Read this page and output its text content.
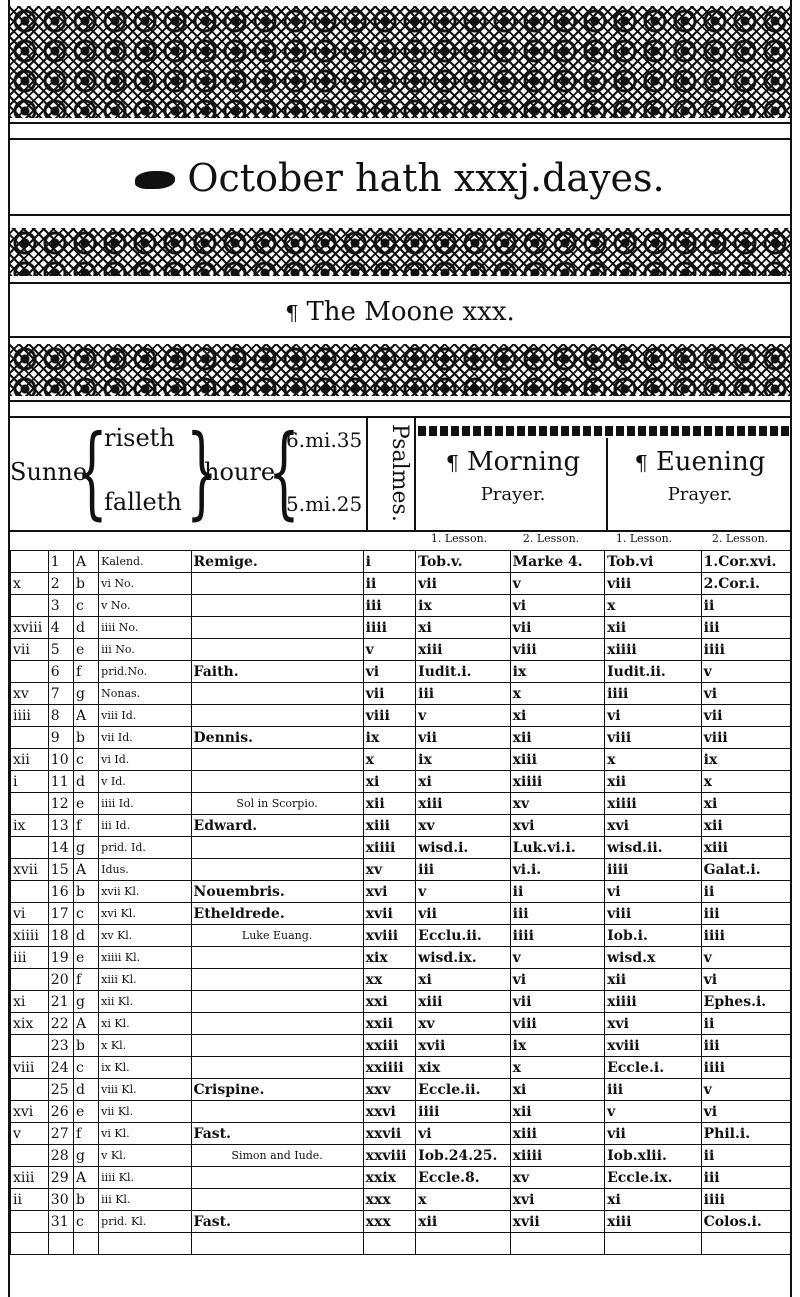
October hath xxxj.dayes.
¶ The Moone xxx.
Sunne
{
riseth
falleth }
houre
{
6.mi.35
5.mi.25	Psalmes.	¶ Morning
Prayer.
¶ Euening
Prayer.
1. Lesson.	2. Lesson.	1. Lesson.	2. Lesson.
	1	A	Kalend.	Remige.	i	Tob.v.	Marke 4.	Tob.vi	1.Cor.xvi.
x	2	b	vi No.		ii	vii	v	viii	2.Cor.i.
	3	c	v No.		iii	ix	vi	x	ii
xviii	4	d	iiii No.		iiii	xi	vii	xii	iii
vii	5	e	iii No.		v	xiii	viii	xiiii	iiii
	6	f	prid.No.	Faith.	vi	Iudit.i.	ix	Iudit.ii.	v
xv	7	g	Nonas.		vii	iii	x	iiii	vi
iiii	8	A	viii Id.		viii	v	xi	vi	vii
	9	b	vii Id.	Dennis.	ix	vii	xii	viii	viii
xii	10	c	vi Id.		x	ix	xiii	x	ix
i	11	d	v Id.		xi	xi	xiiii	xii	x
	12	e	iiii Id.	Sol in Scorpio.	xii	xiii	xv	xiiii	xi
ix	13	f	iii Id.	Edward.	xiii	xv	xvi	xvi	xii
	14	g	prid. Id.		xiiii	wisd.i.	Luk.vi.i.	wisd.ii.	xiii
xvii	15	A	Idus.		xv	iii	vi.i.	iiii	Galat.i.
	16	b	xvii Kl.	Nouembris.	xvi	v	ii	vi	ii
vi	17	c	xvi Kl.	Etheldrede.	xvii	vii	iii	viii	iii
xiiii	18	d	xv Kl.	Luke Euang.	xviii	Ecclu.ii.	iiii	Iob.i.	iiii
iii	19	e	xiiii Kl.		xix	wisd.ix.	v	wisd.x	v
	20	f	xiii Kl.		xx	xi	vi	xii	vi
xi	21	g	xii Kl.		xxi	xiii	vii	xiiii	Ephes.i.
xix	22	A	xi Kl.		xxii	xv	viii	xvi	ii
	23	b	x Kl.		xxiii	xvii	ix	xviii	iii
viii	24	c	ix Kl.		xxiiii	xix	x	Eccle.i.	iiii
	25	d	viii Kl.	Crispine.	xxv	Eccle.ii.	xi	iii	v
xvi	26	e	vii Kl.		xxvi	iiii	xii	v	vi
v	27	f	vi Kl.	Fast.	xxvii	vi	xiii	vii	Phil.i.
	28	g	v Kl.	Simon and Iude.	xxviii	Iob.24.25.	xiiii	Iob.xlii.	ii
xiii	29	A	iiii Kl.		xxix	Eccle.8.	xv	Eccle.ix.	iii
ii	30	b	iii Kl.		xxx	x	xvi	xi	iiii
	31	c	prid. Kl.	Fast.	xxx	xii	xvii	xiii	Colos.i.
